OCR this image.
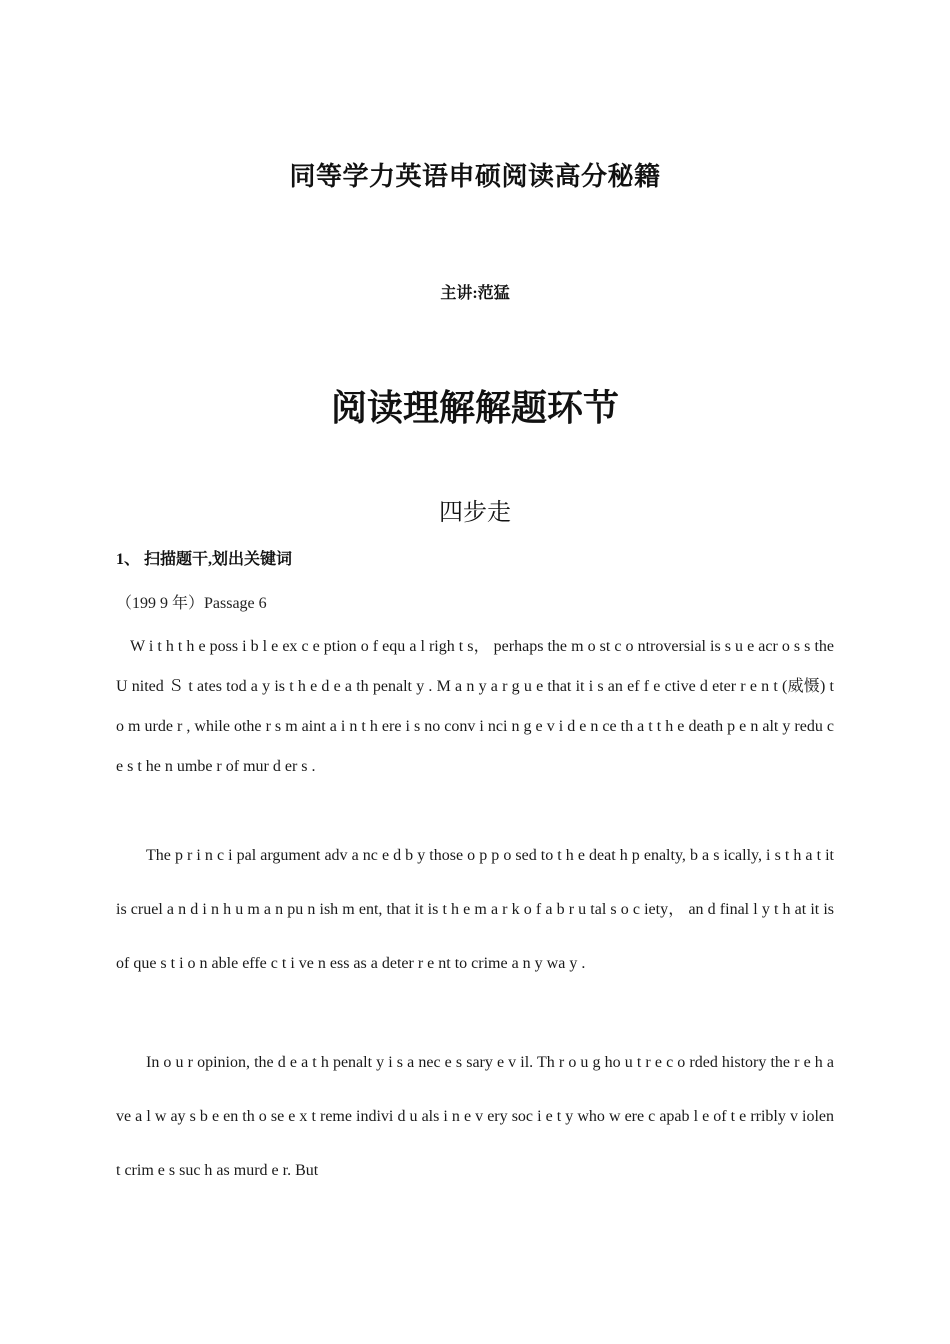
同等学力英语申硕阅读高分秘籍
主讲:范猛
阅读理解解题环节
四步走
1、 扫描题干,划出关键词
（199 9 年）Passage 6

W i t h t h e poss i b l e ex c e ption o f equ a l righ t s， perhaps the m o st c o ntroversial is s u e acr o s s the U nited Ｓ t ates tod a y is t h e d e a th penalt y . M a n y a r g u e that it i s an ef f e ctive d eter r e n t (威慑) t o m urde r , while othe r s m aint a i n t h ere i s no conv i nci n g e v i d e n ce th a t t h e death p e n alt y redu c e s t he n umbe r of mur d er s .

The p r i n c i pal argument adv a nc e d b y those o p p o sed to t h e deat h p enalty, b a s ically, i s t h a t it is cruel a n d i n h u m a n pu n ish m ent, that it is t h e m a r k o f a b r u tal s o c iety， an d final l y t h at it is of que s t i o n able effe c t i ve n ess as a deter r e nt to crime a n y wa y .

In o u r opinion, the d e a t h penalt y i s a nec e s sary e v il. Th r o u g ho u t r e c o rded history the r e h ave a l w ay s b e en th o se e x t reme indivi d u als i n e v ery soc i e t y who w ere c apab l e of t e rribly v iolent crim e s suc h as murd e r. But
